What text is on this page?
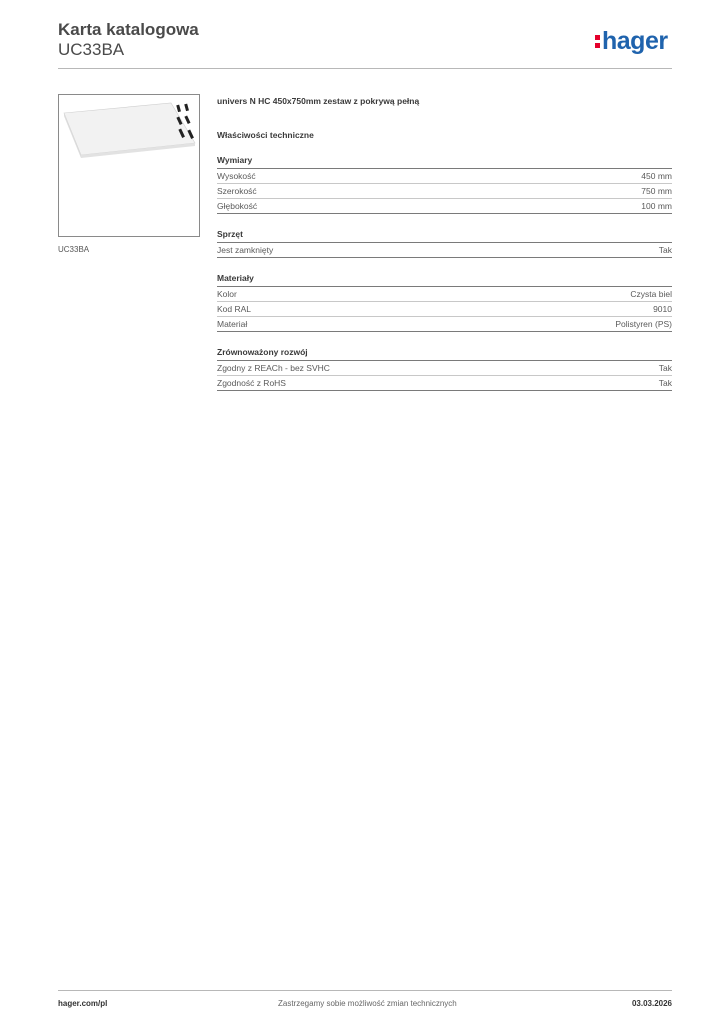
Karta katalogowa
UC33BA	hager
UC33BA
univers N HC 450x750mm zestaw z pokrywą pełną
Właściwości techniczne
Wymiary
Wysokość	450 mm
Szerokość	750 mm
Głębokość	100 mm
Sprzęt
Jest zamknięty	Tak
Materiały
Kolor	Czysta biel
Kod RAL	9010
Materiał	Polistyren (PS)
Zrównoważony rozwój
Zgodny z REACh - bez SVHC	Tak
Zgodność z RoHS	Tak
hager.com/pl	Zastrzegamy sobie możliwość zmian technicznych	03.03.2026
